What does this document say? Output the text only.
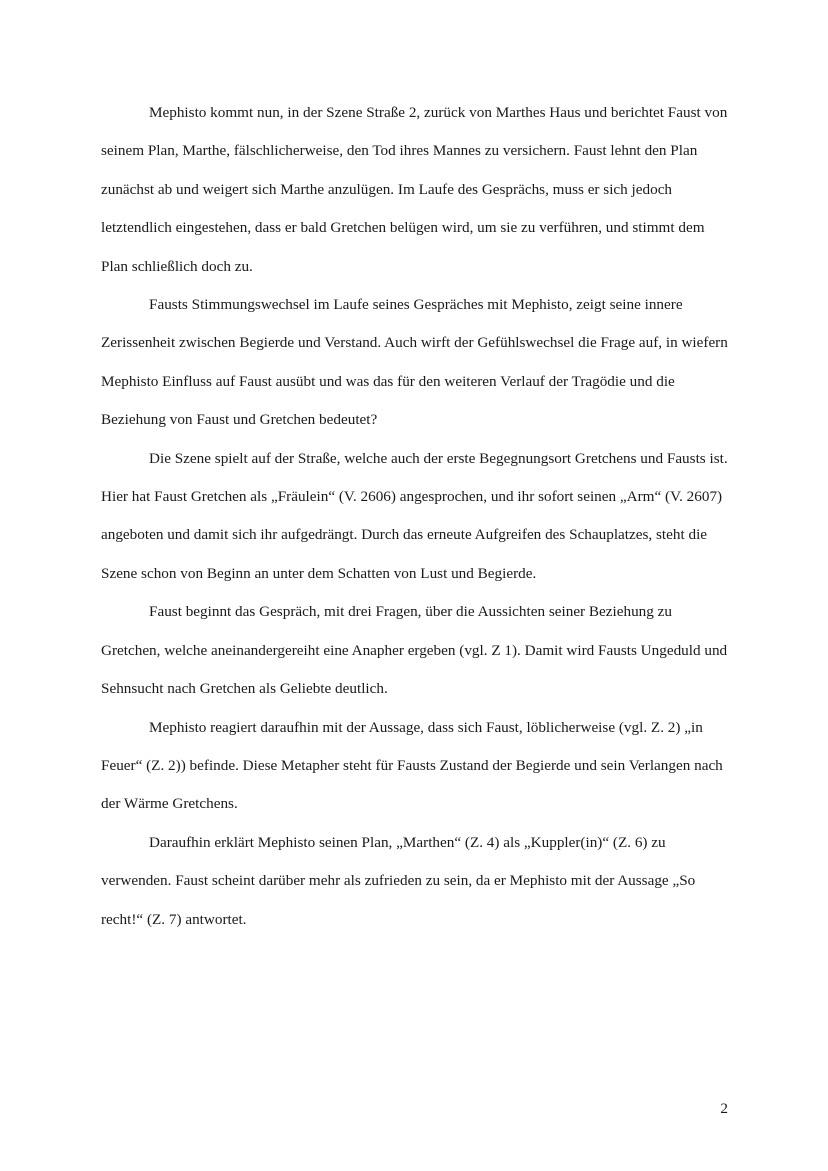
Mephisto kommt nun, in der Szene Straße 2, zurück von Marthes Haus und berichtet Faust von seinem Plan, Marthe, fälschlicherweise, den Tod ihres Mannes zu versichern. Faust lehnt den Plan zunächst ab und weigert sich Marthe anzulügen. Im Laufe des Gesprächs, muss er sich jedoch letztendlich eingestehen, dass er bald Gretchen belügen wird, um sie zu verführen, und stimmt dem Plan schließlich doch zu.

Fausts Stimmungswechsel im Laufe seines Gespräches mit Mephisto, zeigt seine innere Zerissenheit zwischen Begierde und Verstand. Auch wirft der Gefühlswechsel die Frage auf, in wiefern Mephisto Einfluss auf Faust ausübt und was das für den weiteren Verlauf der Tragödie und die Beziehung von Faust und Gretchen bedeutet?

Die Szene spielt auf der Straße, welche auch der erste Begegnungsort Gretchens und Fausts ist. Hier hat Faust Gretchen als „Fräulein“ (V. 2606) angesprochen, und ihr sofort seinen „Arm“ (V. 2607) angeboten und damit sich ihr aufgedrängt. Durch das erneute Aufgreifen des Schauplatzes, steht die Szene schon von Beginn an unter dem Schatten von Lust und Begierde.

Faust beginnt das Gespräch, mit drei Fragen, über die Aussichten seiner Beziehung zu Gretchen, welche aneinandergereiht eine Anapher ergeben (vgl. Z 1). Damit wird Fausts Ungeduld und Sehnsucht nach Gretchen als Geliebte deutlich.

Mephisto reagiert daraufhin mit der Aussage, dass sich Faust, löblicherweise (vgl. Z. 2) „in Feuer“ (Z. 2)) befinde. Diese Metapher steht für Fausts Zustand der Begierde und sein Verlangen nach der Wärme Gretchens.

Daraufhin erklärt Mephisto seinen Plan, „Marthen“ (Z. 4) als „Kuppler(in)“ (Z. 6) zu verwenden. Faust scheint darüber mehr als zufrieden zu sein, da er Mephisto mit der Aussage „So recht!“ (Z. 7) antwortet.

2
